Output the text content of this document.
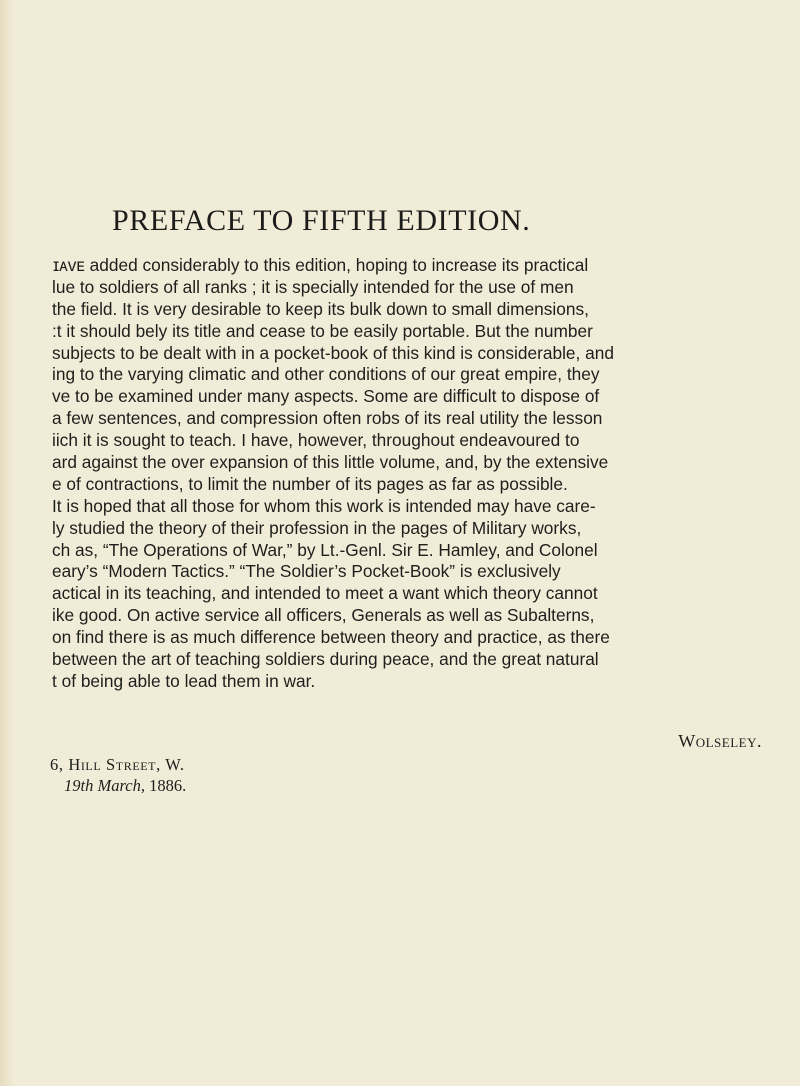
PREFACE TO FIFTH EDITION.
ɪᴀᴠᴇ added considerably to this edition, hoping to increase its practical
lue to soldiers of all ranks ; it is specially intended for the use of men
the field. It is very desirable to keep its bulk down to small dimensions,
:t it should bely its title and cease to be easily portable. But the number
subjects to be dealt with in a pocket-book of this kind is considerable, and
ing to the varying climatic and other conditions of our great empire, they
ve to be examined under many aspects. Some are difficult to dispose of
a few sentences, and compression often robs of its real utility the lesson
iich it is sought to teach. I have, however, throughout endeavoured to
ard against the over expansion of this little volume, and, by the extensive
e of contractions, to limit the number of its pages as far as possible.
It is hoped that all those for whom this work is intended may have care-
ly studied the theory of their profession in the pages of Military works,
ch as, “The Operations of War,” by Lt.-Genl. Sir E. Hamley, and Colonel
eary’s “Modern Tactics.” “The Soldier’s Pocket-Book” is exclusively
actical in its teaching, and intended to meet a want which theory cannot
ike good. On active service all officers, Generals as well as Subalterns,
on find there is as much difference between theory and practice, as there
between the art of teaching soldiers during peace, and the great natural
t of being able to lead them in war.
Wolseley.
6, Hill Street, W.
19th March, 1886.
